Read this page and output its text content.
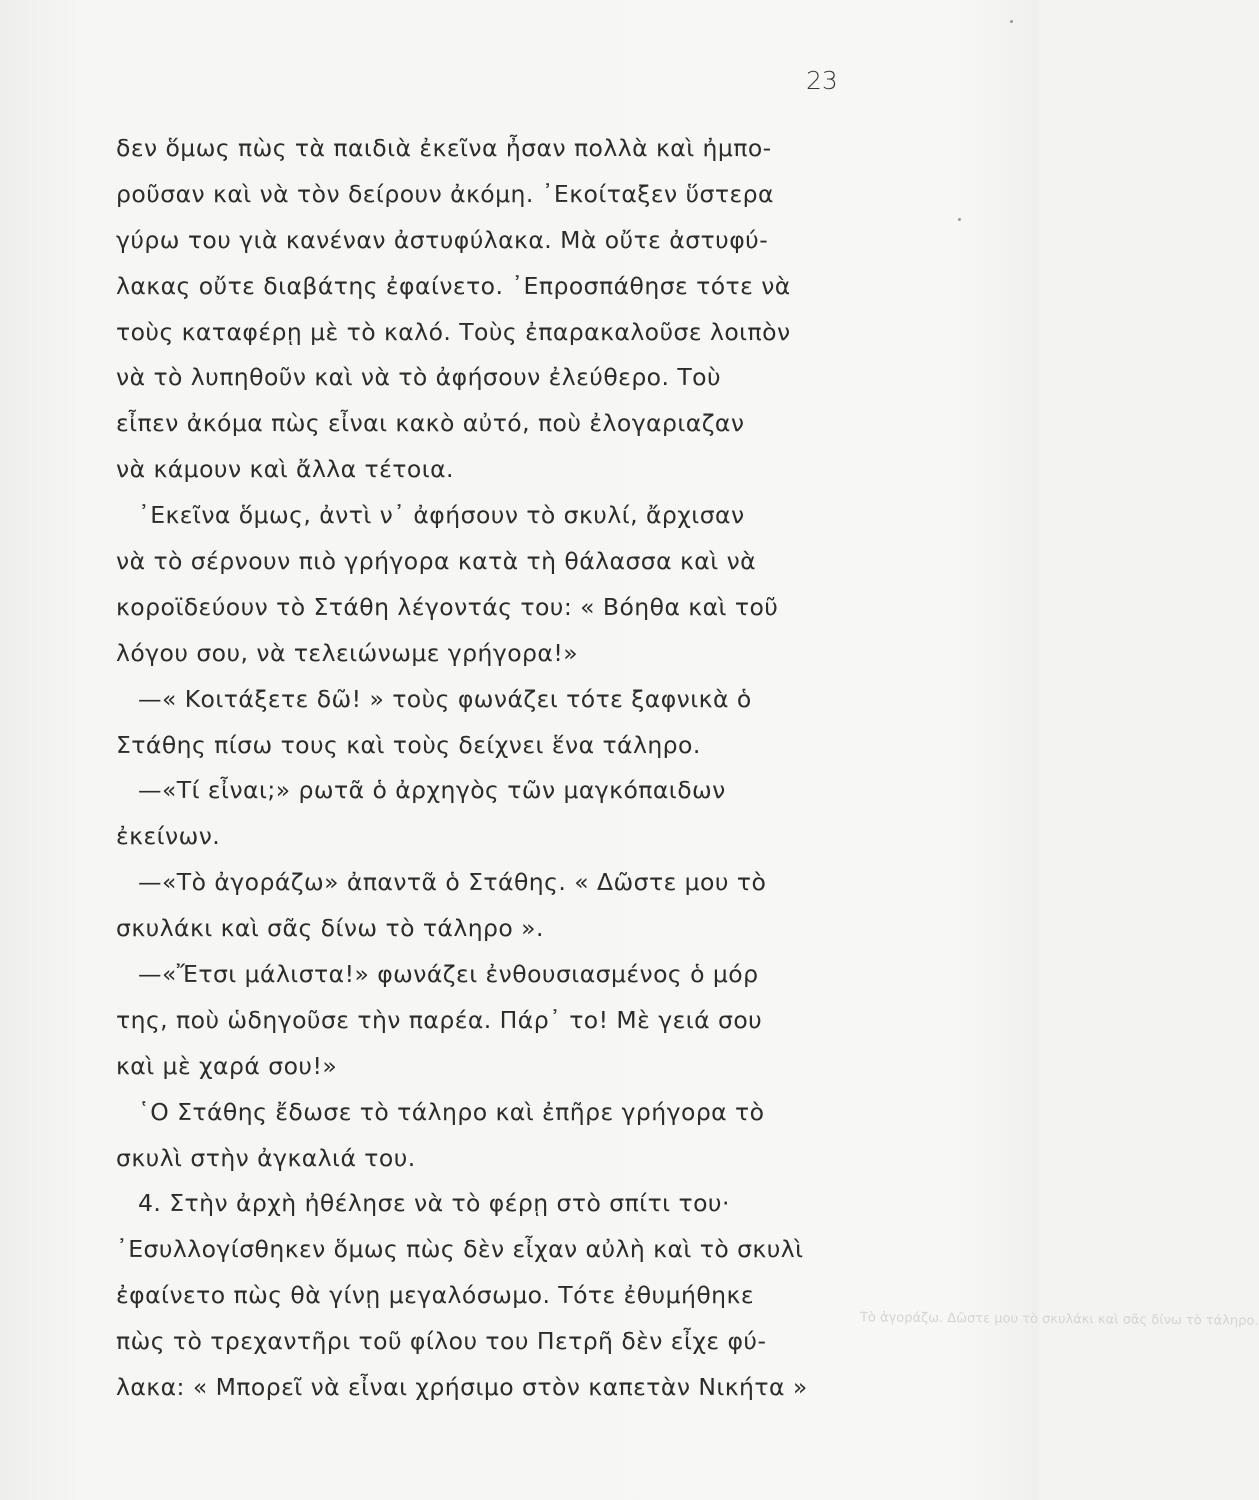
23
δεν ὅμως πὼς τὰ παιδιὰ ἐκεῖνα ἦσαν πολλὰ καὶ ἠμπο-
ροῦσαν καὶ νὰ τὸν δείρουν ἀκόμη. ᾿Εκοίταξεν ὕστερα
γύρω του γιὰ κανέναν ἀστυφύλακα. Μὰ οὔτε ἀστυφύ-
λακας οὔτε διαβάτης ἐφαίνετο. ᾿Επροσπάθησε τότε νὰ
τοὺς καταφέρῃ μὲ τὸ καλό. Τοὺς ἐπαρακαλοῦσε λοιπὸν
νὰ τὸ λυπηθοῦν καὶ νὰ τὸ ἀφήσουν ἐλεύθερο. Τοὺ
εἶπεν ἀκόμα πὼς εἶναι κακὸ αὐτό, ποὺ ἐλογαριαζαν
νὰ κάμουν καὶ ἄλλα τέτοια.
᾿Εκεῖνα ὅμως, ἀντὶ ν᾿ ἀφήσουν τὸ σκυλί, ἄρχισαν
νὰ τὸ σέρνουν πιὸ γρήγορα κατὰ τὴ θάλασσα καὶ νὰ
κοροϊδεύουν τὸ Στάθη λέγοντάς του: « Βόηθα καὶ τοῦ
λόγου σου, νὰ τελειώνωμε γρήγορα!»
—« Κοιτάξετε δῶ! » τοὺς φωνάζει τότε ξαφνικὰ ὁ
Στάθης πίσω τους καὶ τοὺς δείχνει ἕνα τάληρο.
—«Τί εἶναι;» ρωτᾶ ὁ ἀρχηγὸς τῶν μαγκόπαιδων
ἐκείνων.
—«Τὸ ἀγοράζω» ἀπαντᾶ ὁ Στάθης. « Δῶστε μου τὸ
σκυλάκι καὶ σᾶς δίνω τὸ τάληρο ».
—«Ἔτσι μάλιστα!» φωνάζει ἐνθουσιασμένος ὁ μόρ
της, ποὺ ὡδηγοῦσε τὴν παρέα. Πάρ᾿ το! Μὲ γειά σου
καὶ μὲ χαρά σου!»
῾Ο Στάθης ἔδωσε τὸ τάληρο καὶ ἐπῆρε γρήγορα τὸ
σκυλὶ στὴν ἀγκαλιά του.
4. Στὴν ἀρχὴ ἠθέλησε νὰ τὸ φέρῃ στὸ σπίτι του·
᾿Εσυλλογίσθηκεν ὅμως πὼς δὲν εἶχαν αὐλὴ καὶ τὸ σκυλὶ
ἐφαίνετο πὼς θὰ γίνῃ μεγαλόσωμο. Τότε ἐθυμήθηκε
πὼς τὸ τρεχαντῆρι τοῦ φίλου του Πετρῆ δὲν εἶχε φύ-
λακα: « Μπορεῖ νὰ εἶναι χρήσιμο στὸν καπετὰν Νικήτα »
Τὸ ἀγοράζω. Δῶστε μου τὸ σκυλάκι καὶ σᾶς δίνω τὸ τάληρο.
